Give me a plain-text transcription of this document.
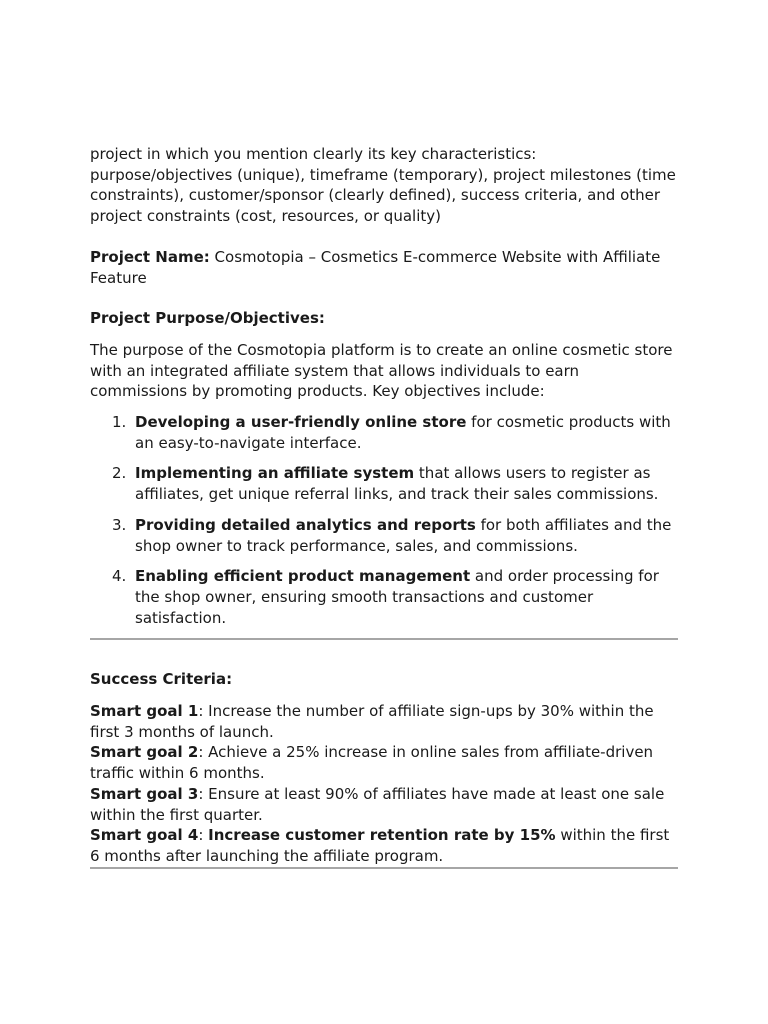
project in which you mention clearly its key characteristics: purpose/objectives (unique), timeframe (temporary), project milestones (time constraints), customer/sponsor (clearly defined), success criteria, and other project constraints (cost, resources, or quality)

Project Name: Cosmotopia – Cosmetics E-commerce Website with Affiliate Feature

Project Purpose/Objectives:

The purpose of the Cosmotopia platform is to create an online cosmetic store with an integrated affiliate system that allows individuals to earn commissions by promoting products. Key objectives include:

1. Developing a user-friendly online store for cosmetic products with an easy-to-navigate interface.
2. Implementing an affiliate system that allows users to register as affiliates, get unique referral links, and track their sales commissions.
3. Providing detailed analytics and reports for both affiliates and the shop owner to track performance, sales, and commissions.
4. Enabling efficient product management and order processing for the shop owner, ensuring smooth transactions and customer satisfaction.

Success Criteria:

Smart goal 1: Increase the number of affiliate sign-ups by 30% within the first 3 months of launch.

Smart goal 2: Achieve a 25% increase in online sales from affiliate-driven traffic within 6 months.

Smart goal 3: Ensure at least 90% of affiliates have made at least one sale within the first quarter.

Smart goal 4: Increase customer retention rate by 15% within the first 6 months after launching the affiliate program.
